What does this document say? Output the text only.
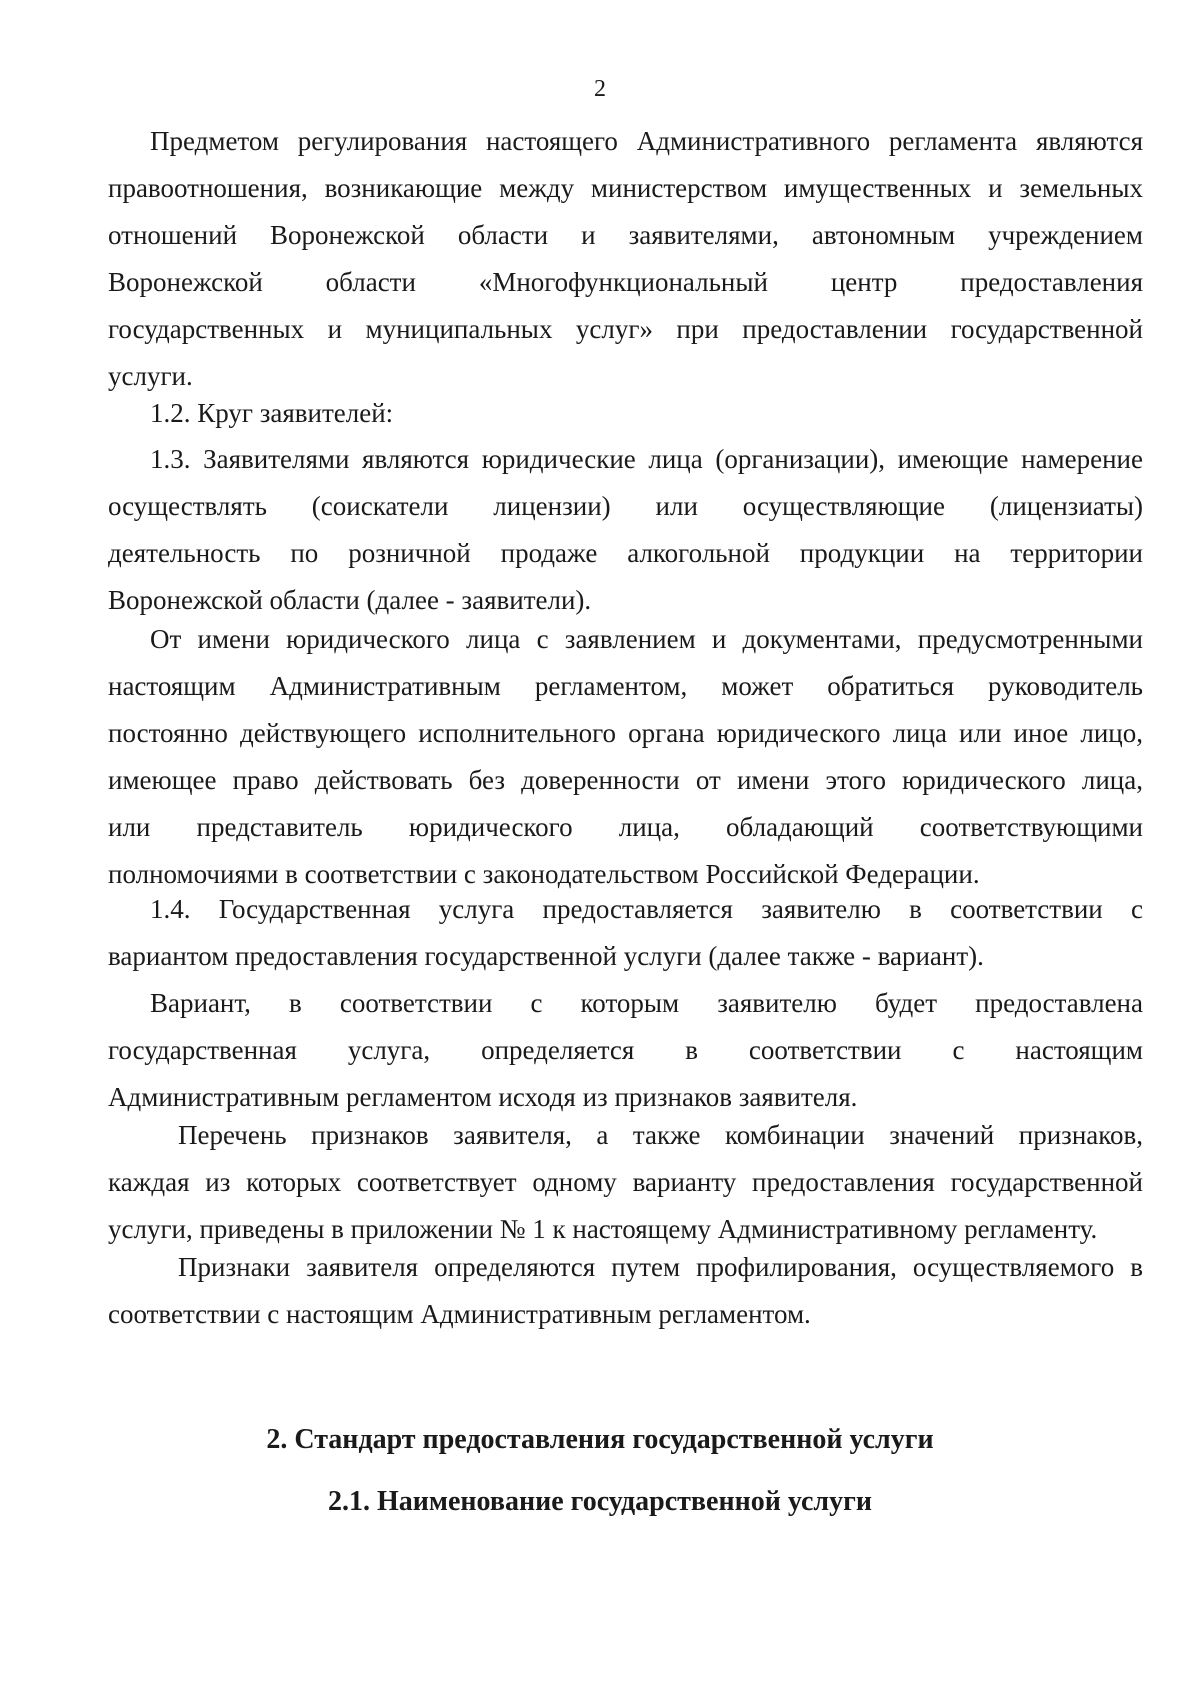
2
Предметом регулирования настоящего Административного регламента являются
правоотношения, возникающие между министерством имущественных и земельных
отношений Воронежской области и заявителями, автономным учреждением
Воронежской области «Многофункциональный центр предоставления
государственных и муниципальных услуг» при предоставлении государственной
услуги.
1.2. Круг заявителей:
1.3. Заявителями являются юридические лица (организации), имеющие намерение
осуществлять (соискатели лицензии) или осуществляющие (лицензиаты)
деятельность по розничной продаже алкогольной продукции на территории
Воронежской области (далее - заявители).
От имени юридического лица с заявлением и документами, предусмотренными
настоящим Административным регламентом, может обратиться руководитель
постоянно действующего исполнительного органа юридического лица или иное лицо,
имеющее право действовать без доверенности от имени этого юридического лица,
или представитель юридического лица, обладающий соответствующими
полномочиями в соответствии с законодательством Российской Федерации.
1.4. Государственная услуга предоставляется заявителю в соответствии с
вариантом предоставления государственной услуги (далее также - вариант).
Вариант, в соответствии с которым заявителю будет предоставлена
государственная услуга, определяется в соответствии с настоящим
Административным регламентом исходя из признаков заявителя.
Перечень признаков заявителя, а также комбинации значений признаков,
каждая из которых соответствует одному варианту предоставления государственной
услуги, приведены в приложении № 1 к настоящему Административному регламенту.
Признаки заявителя определяются путем профилирования, осуществляемого в
соответствии с настоящим Административным регламентом.
2. Стандарт предоставления государственной услуги
2.1. Наименование государственной услуги
